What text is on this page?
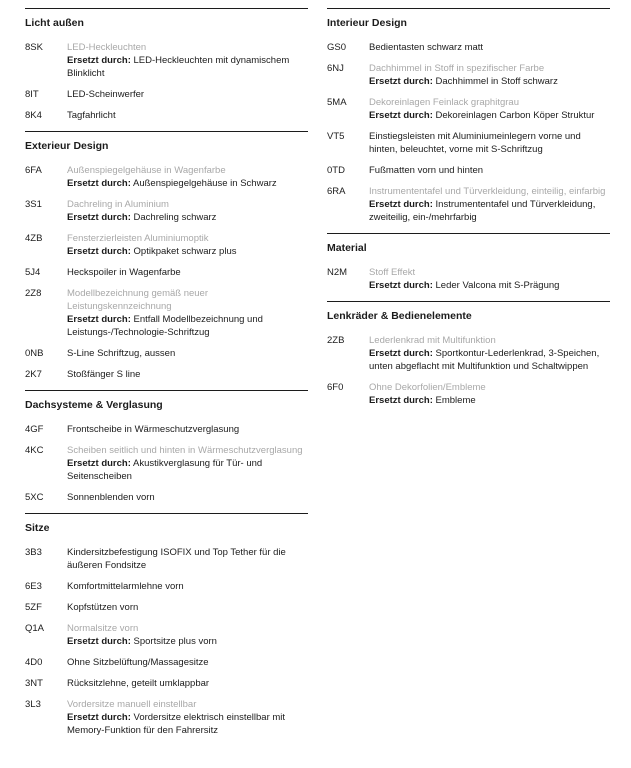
Licht außen
8SK	LED-Heckleuchten
Ersetzt durch: LED-Heckleuchten mit dynamischem Blinklicht
8IT	LED-Scheinwerfer
8K4	Tagfahrlicht
Exterieur Design
6FA	Außenspiegelgehäuse in Wagenfarbe
Ersetzt durch: Außenspiegelgehäuse in Schwarz
3S1	Dachreling in Aluminium
Ersetzt durch: Dachreling schwarz
4ZB	Fensterzierleisten Aluminiumoptik
Ersetzt durch: Optikpaket schwarz plus
5J4	Heckspoiler in Wagenfarbe
2Z8	Modellbezeichnung gemäß neuer Leistungskennzeichnung
Ersetzt durch: Entfall Modellbezeichnung und Leistungs-/Technologie-Schriftzug
0NB	S-Line Schriftzug, aussen
2K7	Stoßfänger S line
Dachsysteme & Verglasung
4GF	Frontscheibe in Wärmeschutzverglasung
4KC	Scheiben seitlich und hinten in Wärmeschutzverglasung
Ersetzt durch: Akustikverglasung für Tür- und Seitenscheiben
5XC	Sonnenblenden vorn
Sitze
3B3	Kindersitzbefestigung ISOFIX und Top Tether für die äußeren Fondsitze
6E3	Komfortmittelarmlehne vorn
5ZF	Kopfstützen vorn
Q1A	Normalsitze vorn
Ersetzt durch: Sportsitze plus vorn
4D0	Ohne Sitzbelüftung/Massagesitze
3NT	Rücksitzlehne, geteilt umklappbar
3L3	Vordersitze manuell einstellbar
Ersetzt durch: Vordersitze elektrisch einstellbar mit Memory-Funktion für den Fahrersitz
Interieur Design
GS0	Bedientasten schwarz matt
6NJ	Dachhimmel in Stoff in spezifischer Farbe
Ersetzt durch: Dachhimmel in Stoff schwarz
5MA	Dekoreinlagen Feinlack graphitgrau
Ersetzt durch: Dekoreinlagen Carbon Köper Struktur
VT5	Einstiegsleisten mit Aluminiumeinlegern vorne und hinten, beleuchtet, vorne mit S-Schriftzug
0TD	Fußmatten vorn und hinten
6RA	Instrumententafel und Türverkleidung, einteilig, einfarbig
Ersetzt durch: Instrumententafel und Türverkleidung, zweiteilig, ein-/mehrfarbig
Material
N2M	Stoff Effekt
Ersetzt durch: Leder Valcona mit S-Prägung
Lenkräder & Bedienelemente
2ZB	Lederlenkrad mit Multifunktion
Ersetzt durch: Sportkontur-Lederlenkrad, 3-Speichen, unten abgeflacht mit Multifunktion und Schaltwippen
6F0	Ohne Dekorfolien/Embleme
Ersetzt durch: Embleme
